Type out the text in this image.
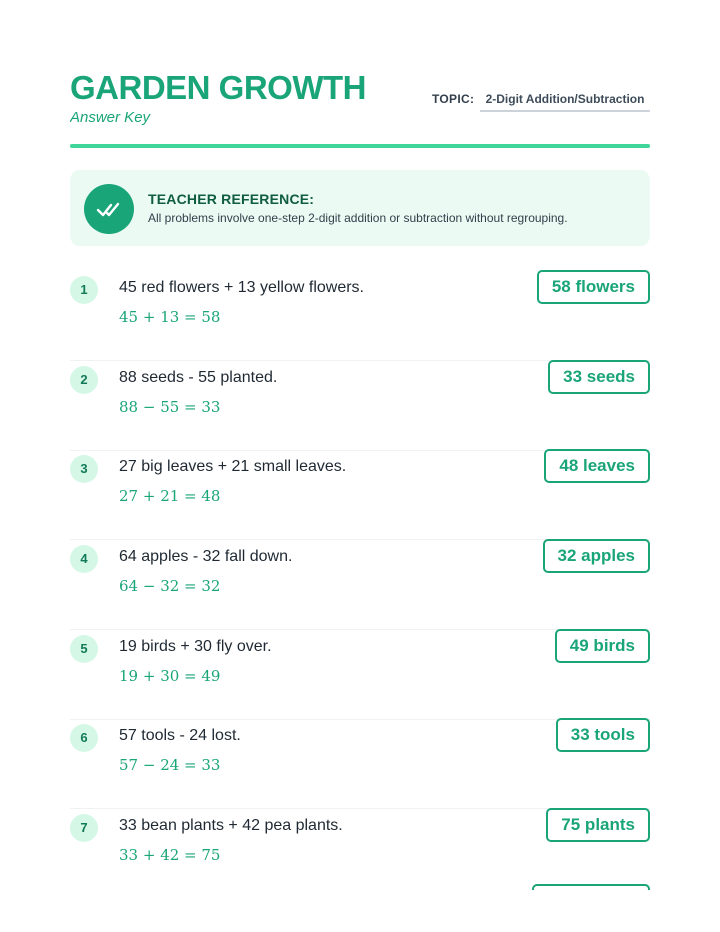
GARDEN GROWTH
Answer Key
TOPIC: 2-Digit Addition/Subtraction
TEACHER REFERENCE:
All problems involve one-step 2-digit addition or subtraction without regrouping.
1	45 red flowers + 13 yellow flowers.
45 + 13 = 58
58 flowers
2	88 seeds - 55 planted.
88 − 55 = 33
33 seeds
3	27 big leaves + 21 small leaves.
27 + 21 = 48
48 leaves
4	64 apples - 32 fall down.
64 − 32 = 32
32 apples
5	19 birds + 30 fly over.
19 + 30 = 49
49 birds
6	57 tools - 24 lost.
57 − 24 = 33
33 tools
7	33 bean plants + 42 pea plants.
33 + 42 = 75
75 plants
